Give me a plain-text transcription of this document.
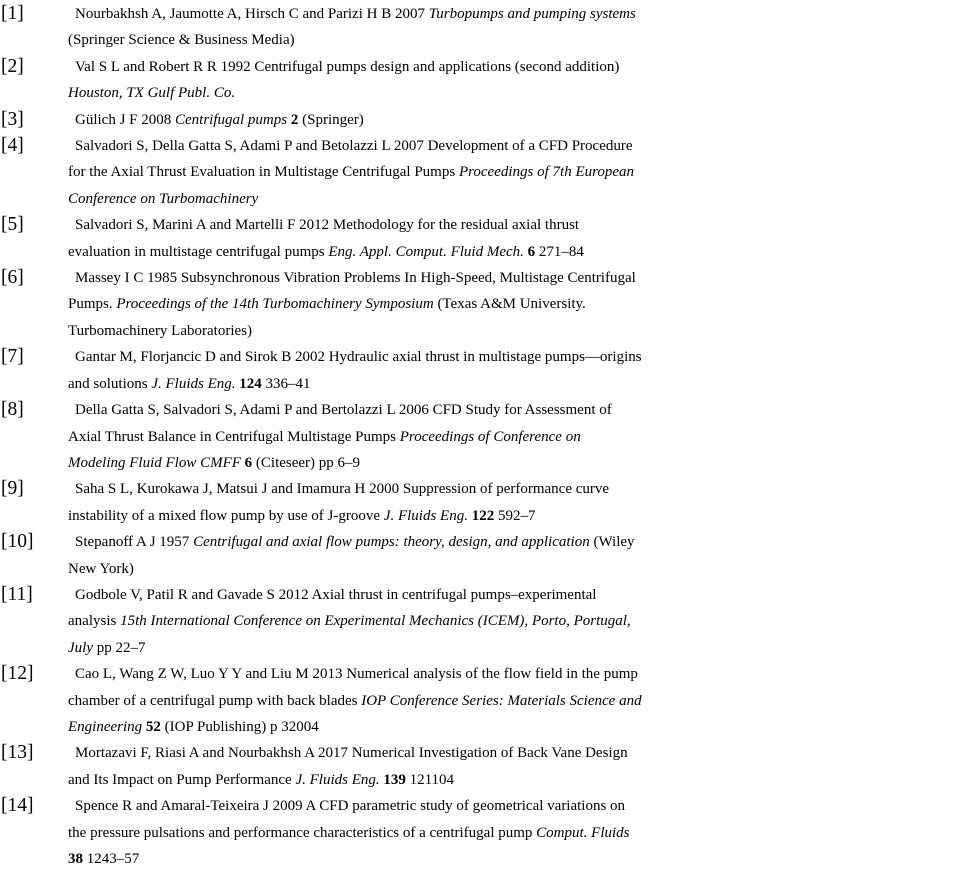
[1]	Nourbakhsh A, Jaumotte A, Hirsch C and Parizi H B 2007 Turbopumps and pumping systems
(Springer Science & Business Media)
[2]	Val S L and Robert R R 1992 Centrifugal pumps design and applications (second addition)
Houston, TX Gulf Publ. Co.
[3]	Gülich J F 2008 Centrifugal pumps 2 (Springer)
[4]	Salvadori S, Della Gatta S, Adami P and Betolazzi L 2007 Development of a CFD Procedure
for the Axial Thrust Evaluation in Multistage Centrifugal Pumps Proceedings of 7th European
Conference on Turbomachinery
[5]	Salvadori S, Marini A and Martelli F 2012 Methodology for the residual axial thrust
evaluation in multistage centrifugal pumps Eng. Appl. Comput. Fluid Mech. 6 271–84
[6]	Massey I C 1985 Subsynchronous Vibration Problems In High-Speed, Multistage Centrifugal
Pumps. Proceedings of the 14th Turbomachinery Symposium (Texas A&M University.
Turbomachinery Laboratories)
[7]	Gantar M, Florjancic D and Sirok B 2002 Hydraulic axial thrust in multistage pumps—origins
and solutions J. Fluids Eng. 124 336–41
[8]	Della Gatta S, Salvadori S, Adami P and Bertolazzi L 2006 CFD Study for Assessment of
Axial Thrust Balance in Centrifugal Multistage Pumps Proceedings of Conference on
Modeling Fluid Flow CMFF 6 (Citeseer) pp 6–9
[9]	Saha S L, Kurokawa J, Matsui J and Imamura H 2000 Suppression of performance curve
instability of a mixed flow pump by use of J-groove J. Fluids Eng. 122 592–7
[10]	Stepanoff A J 1957 Centrifugal and axial flow pumps: theory, design, and application (Wiley
New York)
[11]	Godbole V, Patil R and Gavade S 2012 Axial thrust in centrifugal pumps–experimental
analysis 15th International Conference on Experimental Mechanics (ICEM), Porto, Portugal,
July pp 22–7
[12]	Cao L, Wang Z W, Luo Y Y and Liu M 2013 Numerical analysis of the flow field in the pump
chamber of a centrifugal pump with back blades IOP Conference Series: Materials Science and
Engineering 52 (IOP Publishing) p 32004
[13]	Mortazavi F, Riasi A and Nourbakhsh A 2017 Numerical Investigation of Back Vane Design
and Its Impact on Pump Performance J. Fluids Eng. 139 121104
[14]	Spence R and Amaral-Teixeira J 2009 A CFD parametric study of geometrical variations on
the pressure pulsations and performance characteristics of a centrifugal pump Comput. Fluids
38 1243–57
